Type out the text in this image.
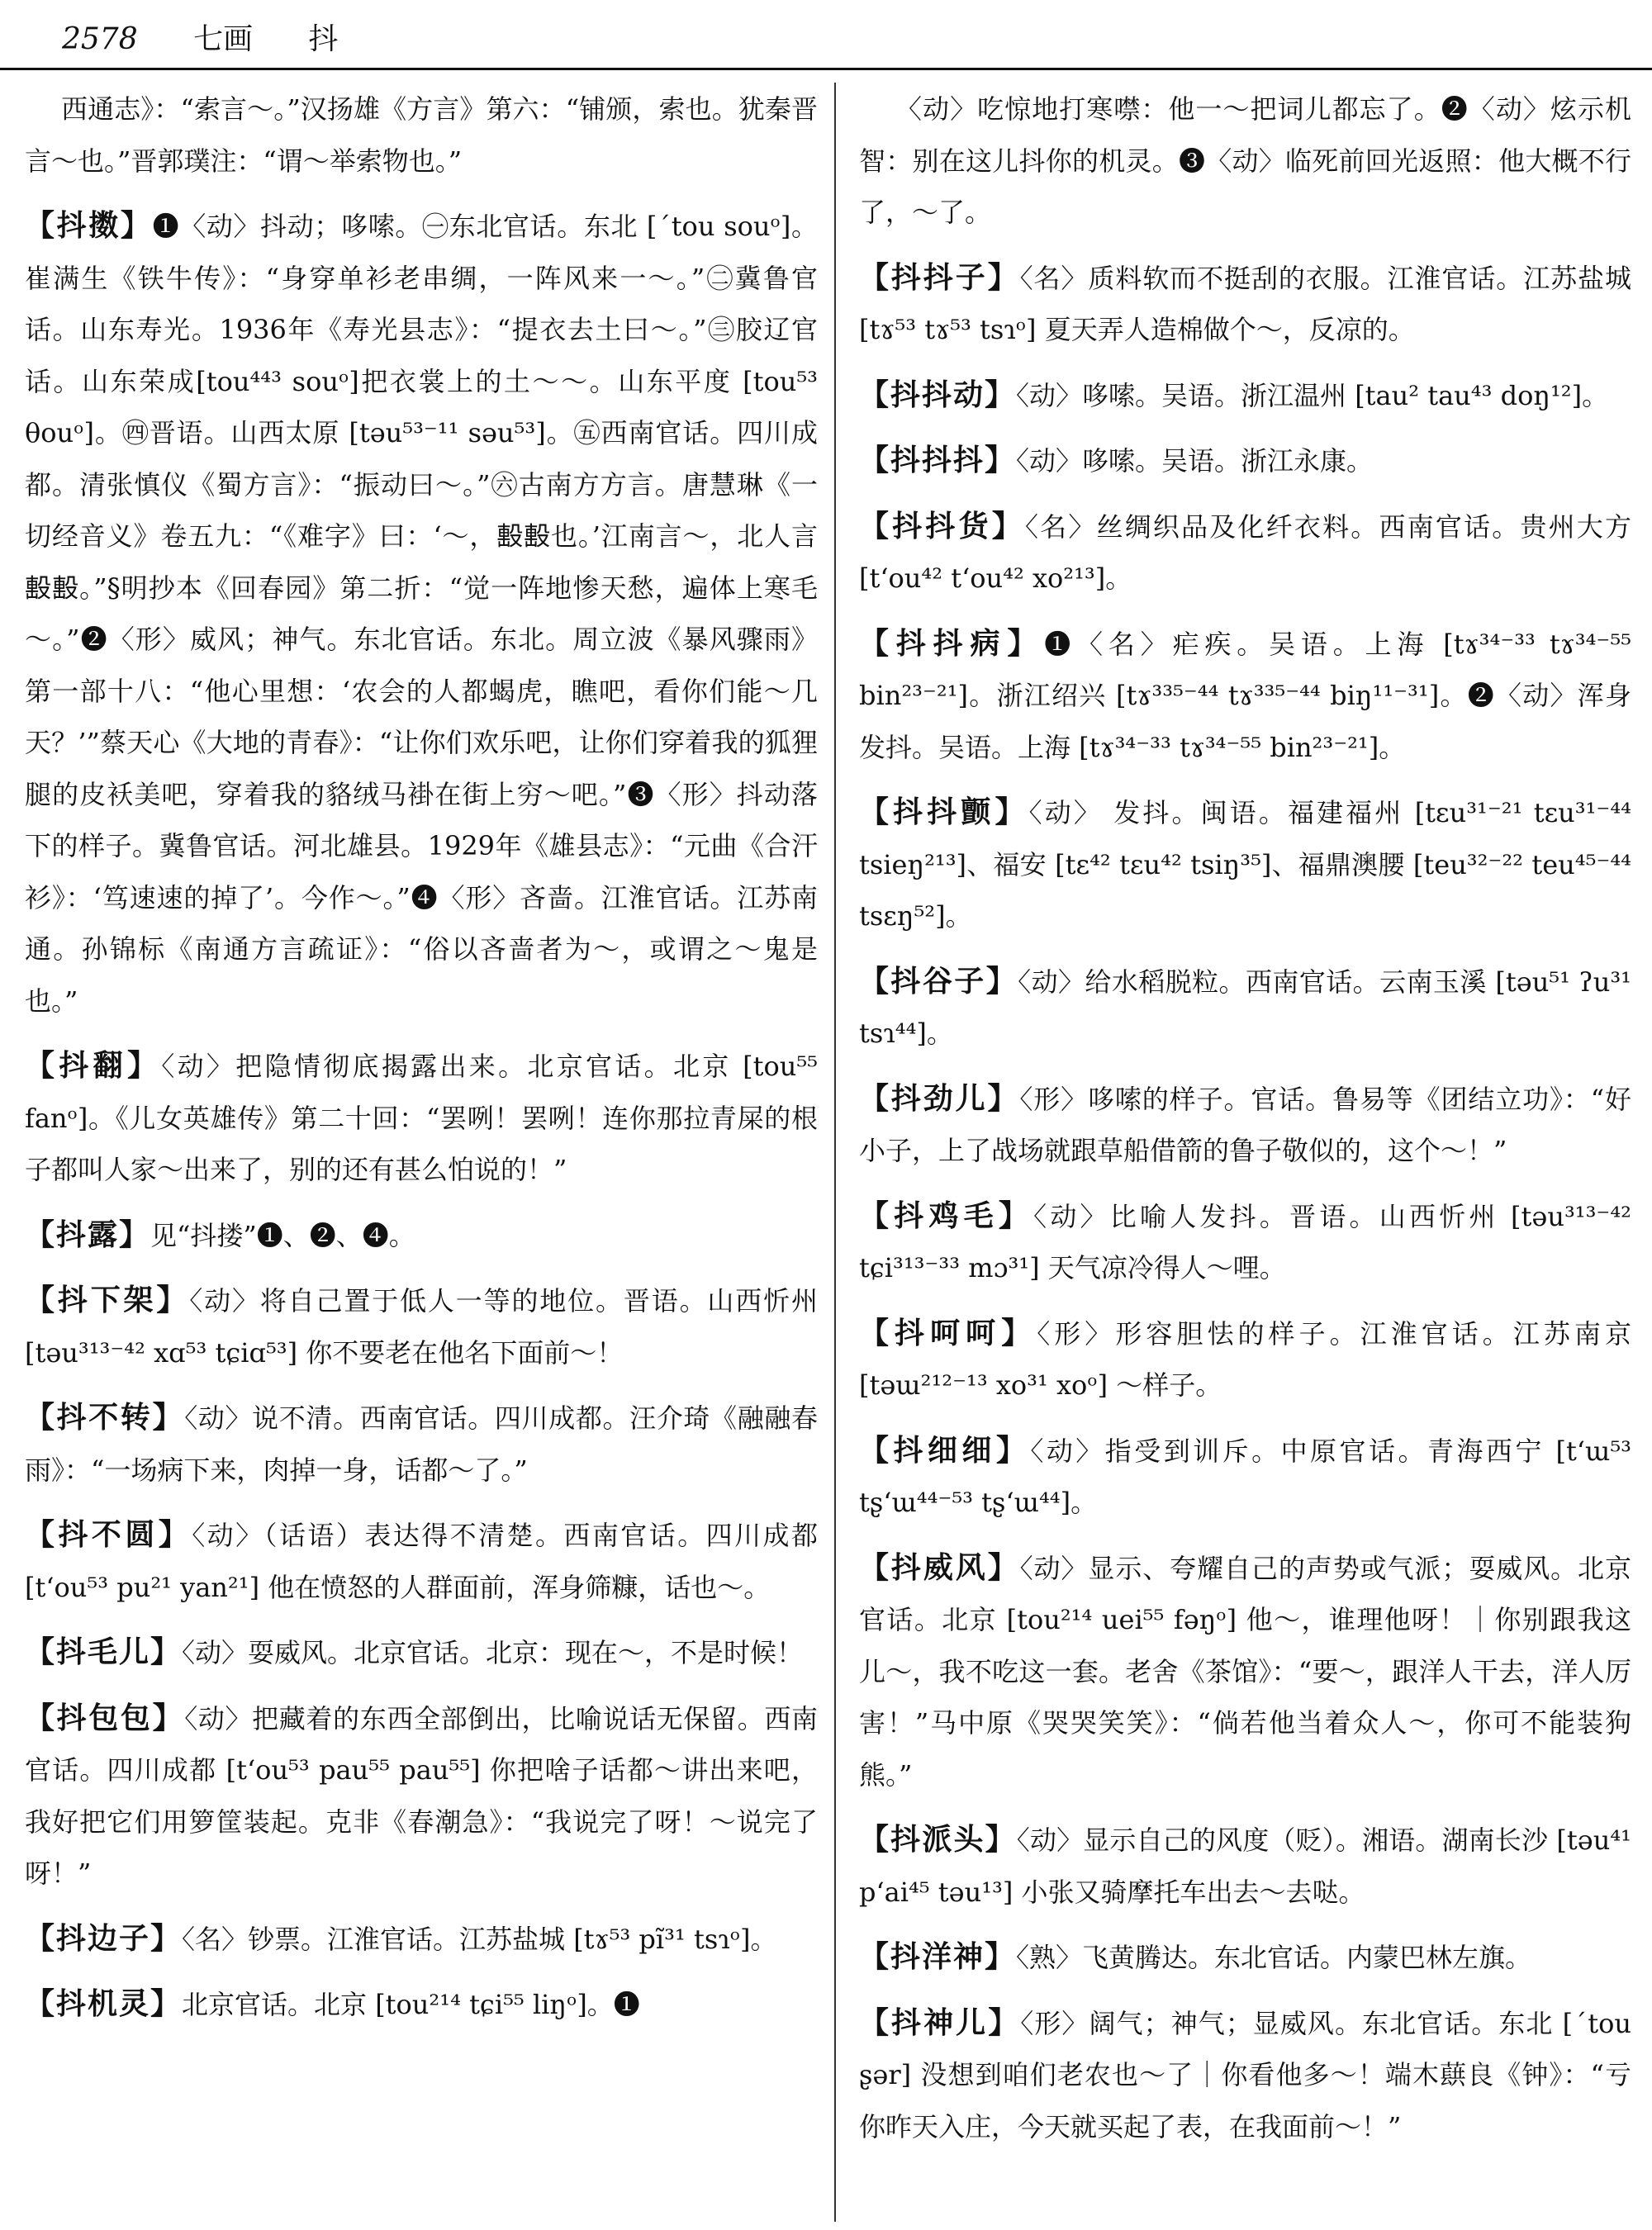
2578 七画 抖

西通志》：“索言～。”汉扬雄《方言》第六：“铺颁，索也。犹秦晋言～也。”晋郭璞注：“谓～举索物也。”

【抖擞】❶〈动〉抖动；哆嗦。㊀东北官话。东北 [ˊtou souᵒ]。崔满生《铁牛传》：“身穿单衫老串绸，一阵风来一～。”㊁冀鲁官话。山东寿光。1936年《寿光县志》：“提衣去土曰～。”㊂胶辽官话。山东荣成[tou⁴⁴³ souᵒ]把衣裳上的土～～。山东平度 [tou⁵³ θouᵒ]。㊃晋语。山西太原 [təu⁵³⁻¹¹ səu⁵³]。㊄西南官话。四川成都。清张慎仪《蜀方言》：“振动曰～。”㊅古南方方言。唐慧琳《一切经音义》卷五九：“《难字》曰：‘～，𣪠𣪠也。’江南言～，北人言𣪠𣪠。”§明抄本《回春园》第二折：“觉一阵地惨天愁，遍体上寒毛～。”❷〈形〉威风；神气。东北官话。东北。周立波《暴风骤雨》第一部十八：“他心里想：‘农会的人都蝎虎，瞧吧，看你们能～几天？’”蔡天心《大地的青春》：“让你们欢乐吧，让你们穿着我的狐狸腿的皮袄美吧，穿着我的貉绒马褂在街上穷～吧。”❸〈形〉抖动落下的样子。冀鲁官话。河北雄县。1929年《雄县志》：“元曲《合汗衫》：‘笃速速的掉了’。今作～。”❹〈形〉吝啬。江淮官话。江苏南通。孙锦标《南通方言疏证》：“俗以吝啬者为～，或谓之～鬼是也。”

【抖翻】〈动〉把隐情彻底揭露出来。北京官话。北京 [tou⁵⁵ fanᵒ]。《儿女英雄传》第二十回：“罢咧！罢咧！连你那拉青屎的根子都叫人家～出来了，别的还有甚么怕说的！”

【抖露】见“抖搂”❶、❷、❹。

【抖下架】〈动〉将自己置于低人一等的地位。晋语。山西忻州 [təu³¹³⁻⁴² xɑ⁵³ tɕiɑ⁵³] 你不要老在他名下面前～！

【抖不转】〈动〉说不清。西南官话。四川成都。汪介琦《融融春雨》：“一场病下来，肉掉一身，话都～了。”

【抖不圆】〈动〉（话语）表达得不清楚。西南官话。四川成都 [tʻou⁵³ pu²¹ yan²¹] 他在愤怒的人群面前，浑身筛糠，话也～。

【抖毛儿】〈动〉耍威风。北京官话。北京：现在～，不是时候！

【抖包包】〈动〉把藏着的东西全部倒出，比喻说话无保留。西南官话。四川成都 [tʻou⁵³ pau⁵⁵ pau⁵⁵] 你把啥子话都～讲出来吧，我好把它们用箩筐装起。克非《春潮急》：“我说完了呀！～说完了呀！”

【抖边子】〈名〉钞票。江淮官话。江苏盐城 [tɤ⁵³ pĩ³¹ tsɿᵒ]。

【抖机灵】北京官话。北京 [tou²¹⁴ tɕi⁵⁵ liŋᵒ]。❶

〈动〉吃惊地打寒噤：他一～把词儿都忘了。❷〈动〉炫示机智：别在这儿抖你的机灵。❸〈动〉临死前回光返照：他大概不行了，～了。

【抖抖子】〈名〉质料软而不挺刮的衣服。江淮官话。江苏盐城 [tɤ⁵³ tɤ⁵³ tsɿᵒ] 夏天弄人造棉做个～，反凉的。

【抖抖动】〈动〉哆嗦。吴语。浙江温州 [tau² tau⁴³ doŋ¹²]。

【抖抖抖】〈动〉哆嗦。吴语。浙江永康。

【抖抖货】〈名〉丝绸织品及化纤衣料。西南官话。贵州大方 [tʻou⁴² tʻou⁴² xo²¹³]。

【抖抖病】❶〈名〉疟疾。吴语。上海 [tɤ³⁴⁻³³ tɤ³⁴⁻⁵⁵ bin²³⁻²¹]。浙江绍兴 [tɤ³³⁵⁻⁴⁴ tɤ³³⁵⁻⁴⁴ biŋ¹¹⁻³¹]。❷〈动〉浑身发抖。吴语。上海 [tɤ³⁴⁻³³ tɤ³⁴⁻⁵⁵ bin²³⁻²¹]。

【抖抖颤】〈动〉 发抖。闽语。福建福州 [tɛu³¹⁻²¹ tɛu³¹⁻⁴⁴ tsieŋ²¹³]、福安 [tɛ⁴² tɛu⁴² tsiŋ³⁵]、福鼎澳腰 [teu³²⁻²² teu⁴⁵⁻⁴⁴ tsɛŋ⁵²]。

【抖谷子】〈动〉给水稻脱粒。西南官话。云南玉溪 [təu⁵¹ ʔu³¹ tsɿ⁴⁴]。

【抖劲儿】〈形〉哆嗦的样子。官话。鲁易等《团结立功》：“好小子，上了战场就跟草船借箭的鲁子敬似的，这个～！”

【抖鸡毛】〈动〉比喻人发抖。晋语。山西忻州 [təu³¹³⁻⁴² tɕi³¹³⁻³³ mɔ³¹] 天气凉冷得人～哩。

【抖呵呵】〈形〉形容胆怯的样子。江淮官话。江苏南京 [təɯ²¹²⁻¹³ xo³¹ xoᵒ] ～样子。

【抖细细】〈动〉指受到训斥。中原官话。青海西宁 [tʻɯ⁵³ tʂʻɯ⁴⁴⁻⁵³ tʂʻɯ⁴⁴]。

【抖威风】〈动〉显示、夸耀自己的声势或气派；耍威风。北京官话。北京 [tou²¹⁴ uei⁵⁵ fəŋᵒ] 他～，谁理他呀！｜你别跟我这儿～，我不吃这一套。老舍《茶馆》：“要～，跟洋人干去，洋人厉害！”马中原《哭哭笑笑》：“倘若他当着众人～，你可不能装狗熊。”

【抖派头】〈动〉显示自己的风度（贬）。湘语。湖南长沙 [təu⁴¹ pʻai⁴⁵ təu¹³] 小张又骑摩托车出去～去哒。

【抖洋神】〈熟〉飞黄腾达。东北官话。内蒙巴林左旗。

【抖神儿】〈形〉阔气；神气；显威风。东北官话。东北 [ˊtou ʂər] 没想到咱们老农也～了｜你看他多～！端木蕻良《钟》：“亏你昨天入庄，今天就买起了表，在我面前～！”
